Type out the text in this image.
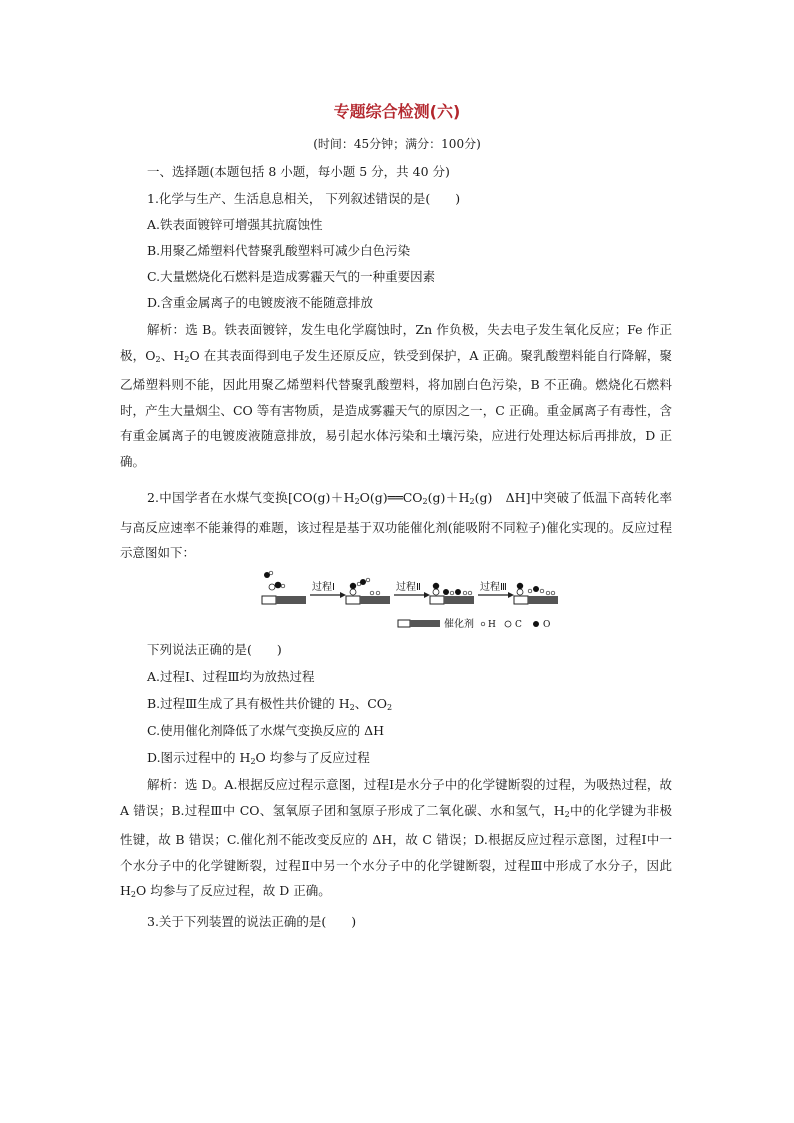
专题综合检测(六)
(时间：45分钟；满分：100分)
一、选择题(本题包括 8 小题，每小题 5 分，共 40 分)
1.化学与生产、生活息息相关， 下列叙述错误的是(　　)
A.铁表面镀锌可增强其抗腐蚀性
B.用聚乙烯塑料代替聚乳酸塑料可减少白色污染
C.大量燃烧化石燃料是造成雾霾天气的一种重要因素
D.含重金属离子的电镀废液不能随意排放
解析：选 B。铁表面镀锌，发生电化学腐蚀时，Zn 作负极，失去电子发生氧化反应；Fe 作正极，$O_2$、$H_2O$ 在其表面得到电子发生还原反应，铁受到保护，A 正确。聚乳酸塑料能自行降解，聚乙烯塑料则不能，因此用聚乙烯塑料代替聚乳酸塑料，将加剧白色污染，B 不正确。燃烧化石燃料时，产生大量烟尘、CO 等有害物质，是造成雾霾天气的原因之一，C 正确。重金属离子有毒性，含有重金属离子的电镀废液随意排放，易引起水体污染和土壤污染，应进行处理达标后再排放，D 正确。
2.中国学者在水煤气变换[$CO(g)+H_2O(g)══CO_2(g)+H_2(g)$　ΔH]中突破了低温下高转化率与高反应速率不能兼得的难题，该过程是基于双功能催化剂(能吸附不同粒子)催化实现的。反应过程示意图如下：
过程Ⅰ	过程Ⅱ	过程Ⅲ
催化剂 H C O
下列说法正确的是(　　)
A.过程Ⅰ、过程Ⅲ均为放热过程
B.过程Ⅲ生成了具有极性共价键的 $H_2$、$CO_2$
C.使用催化剂降低了水煤气变换反应的 ΔH
D.图示过程中的 $H_2O$ 均参与了反应过程
解析：选 D。A.根据反应过程示意图，过程Ⅰ是水分子中的化学键断裂的过程，为吸热过程，故 A 错误；B.过程Ⅲ中 CO、氢氧原子团和氢原子形成了二氧化碳、水和氢气，$H_2$中的化学键为非极性键，故 B 错误；C.催化剂不能改变反应的 ΔH，故 C 错误；D.根据反应过程示意图，过程Ⅰ中一个水分子中的化学键断裂，过程Ⅱ中另一个水分子中的化学键断裂，过程Ⅲ中形成了水分子，因此 $H_2O$ 均参与了反应过程，故 D 正确。
3.关于下列装置的说法正确的是(　　)
